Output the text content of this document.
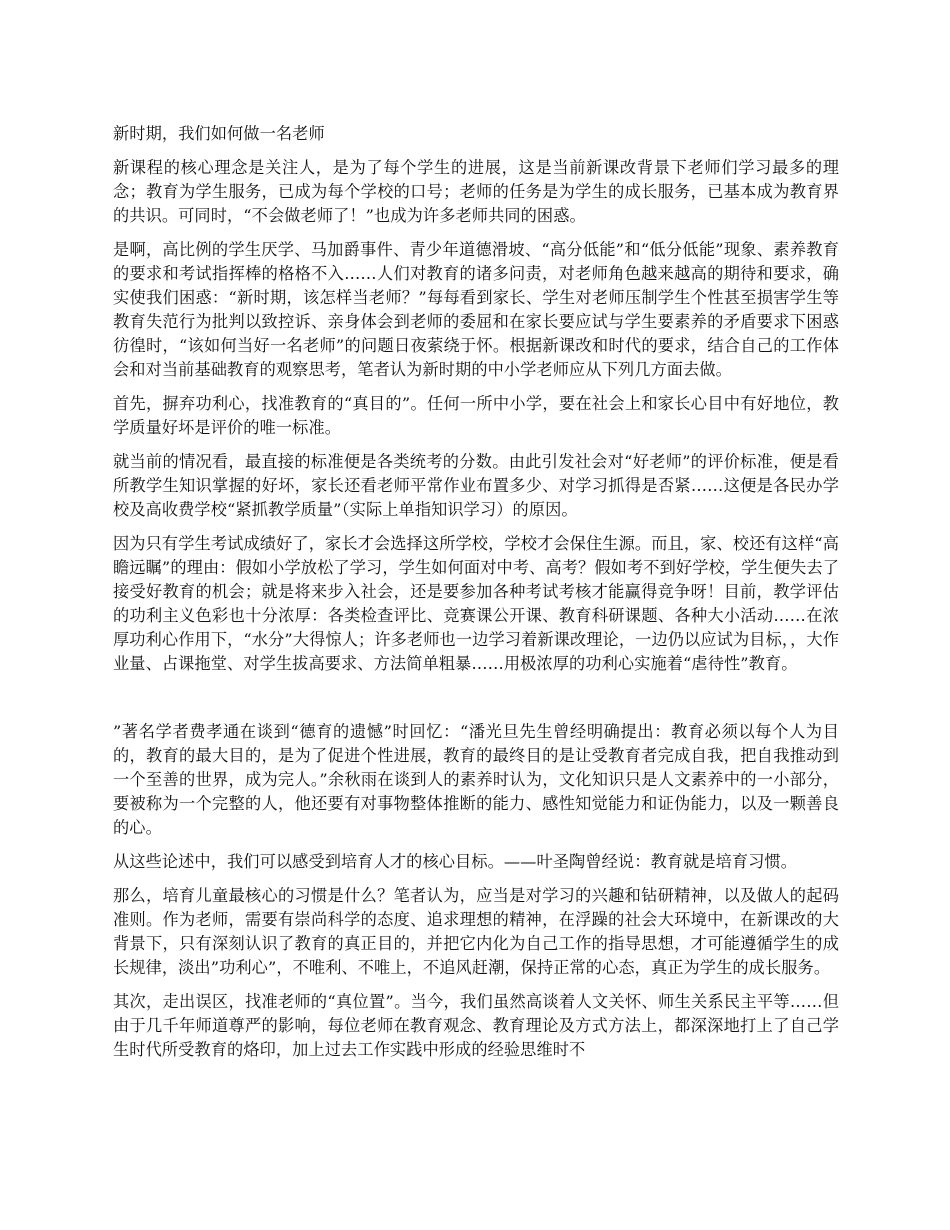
新时期，我们如何做一名老师
新课程的核心理念是关注人，是为了每个学生的进展，这是当前新课改背景下老师们学习最多的理念；教育为学生服务，已成为每个学校的口号；老师的任务是为学生的成长服务，已基本成为教育界的共识。可同时，“不会做老师了！”也成为许多老师共同的困惑。
是啊，高比例的学生厌学、马加爵事件、青少年道德滑坡、“高分低能”和“低分低能”现象、素养教育的要求和考试指挥棒的格格不入……人们对教育的诸多问责，对老师角色越来越高的期待和要求，确实使我们困惑：“新时期，该怎样当老师？”每每看到家长、学生对老师压制学生个性甚至损害学生等教育失范行为批判以致控诉、亲身体会到老师的委屈和在家长要应试与学生要素养的矛盾要求下困惑彷徨时，“该如何当好一名老师”的问题日夜萦绕于怀。根据新课改和时代的要求，结合自己的工作体会和对当前基础教育的观察思考，笔者认为新时期的中小学老师应从下列几方面去做。
首先，摒弃功利心，找准教育的“真目的”。任何一所中小学，要在社会上和家长心目中有好地位，教学质量好坏是评价的唯一标准。
就当前的情况看，最直接的标准便是各类统考的分数。由此引发社会对“好老师”的评价标准，便是看所教学生知识掌握的好坏，家长还看老师平常作业布置多少、对学习抓得是否紧……这便是各民办学校及高收费学校“紧抓教学质量”（实际上单指知识学习）的原因。
因为只有学生考试成绩好了，家长才会选择这所学校，学校才会保住生源。而且，家、校还有这样“高瞻远瞩”的理由：假如小学放松了学习，学生如何面对中考、高考？假如考不到好学校，学生便失去了接受好教育的机会；就是将来步入社会，还是要参加各种考试考核才能赢得竞争呀！目前，教学评估的功利主义色彩也十分浓厚：各类检查评比、竞赛课公开课、教育科研课题、各种大小活动……在浓厚功利心作用下，“水分”大得惊人；许多老师也一边学习着新课改理论，一边仍以应试为目标，，大作业量、占课拖堂、对学生拔高要求、方法简单粗暴……用极浓厚的功利心实施着“虐待性”教育。
”著名学者费孝通在谈到“德育的遗憾”时回忆：“潘光旦先生曾经明确提出：教育必须以每个人为目的，教育的最大目的，是为了促进个性进展，教育的最终目的是让受教育者完成自我，把自我推动到一个至善的世界，成为完人。”余秋雨在谈到人的素养时认为，文化知识只是人文素养中的一小部分，要被称为一个完整的人，他还要有对事物整体推断的能力、感性知觉能力和证伪能力，以及一颗善良的心。
从这些论述中，我们可以感受到培育人才的核心目标。——叶圣陶曾经说：教育就是培育习惯。
那么，培育儿童最核心的习惯是什么？笔者认为，应当是对学习的兴趣和钻研精神，以及做人的起码准则。作为老师，需要有崇尚科学的态度、追求理想的精神，在浮躁的社会大环境中，在新课改的大背景下，只有深刻认识了教育的真正目的，并把它内化为自己工作的指导思想，才可能遵循学生的成长规律，淡出”功利心”，不唯利、不唯上，不追风赶潮，保持正常的心态，真正为学生的成长服务。
其次，走出误区，找准老师的“真位置”。当今，我们虽然高谈着人文关怀、师生关系民主平等……但由于几千年师道尊严的影响，每位老师在教育观念、教育理论及方式方法上，都深深地打上了自己学生时代所受教育的烙印，加上过去工作实践中形成的经验思维时不
